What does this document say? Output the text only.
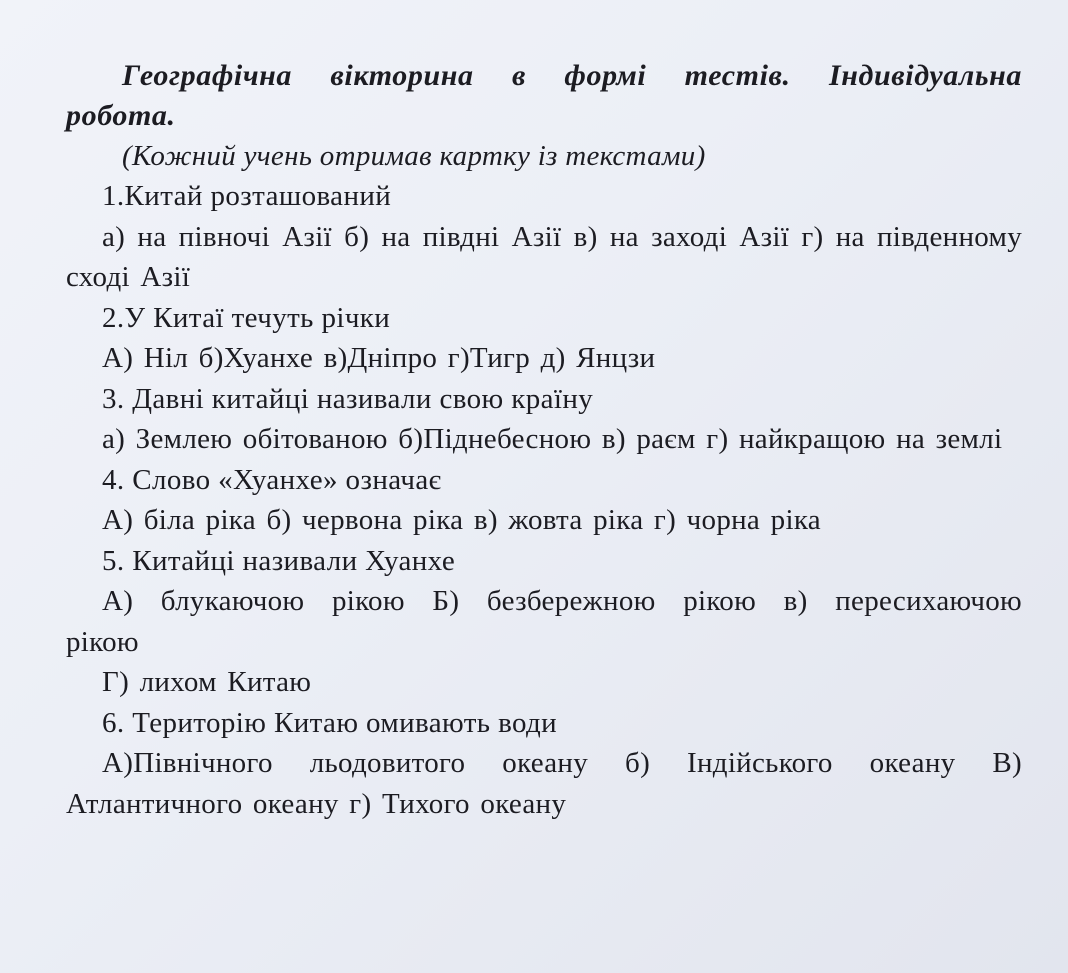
Географічна вікторина в формі тестів. Індивідуальна робота.

(Кожний учень отримав картку із текстами)

1.Китай розташований

а) на півночі Азії б) на півдні Азії в) на заході Азії г) на південному сході Азії

2.У Китаї течуть річки

А) Ніл б)Хуанхе в)Дніпро г)Тигр д) Янцзи

3. Давні китайці називали свою країну

а) Землею обітованою б)Піднебесною в) раєм г) найкращою на землі

4. Слово «Хуанхе» означає

А) біла ріка б) червона ріка в) жовта ріка г) чорна ріка

5. Китайці називали Хуанхе

А) блукаючою рікою Б) безбережною рікою в) пересихаючою рікою

Г) лихом Китаю

6. Територію Китаю омивають води

А)Північного льодовитого океану б) Індійського океану В) Атлантичного океану г) Тихого океану
